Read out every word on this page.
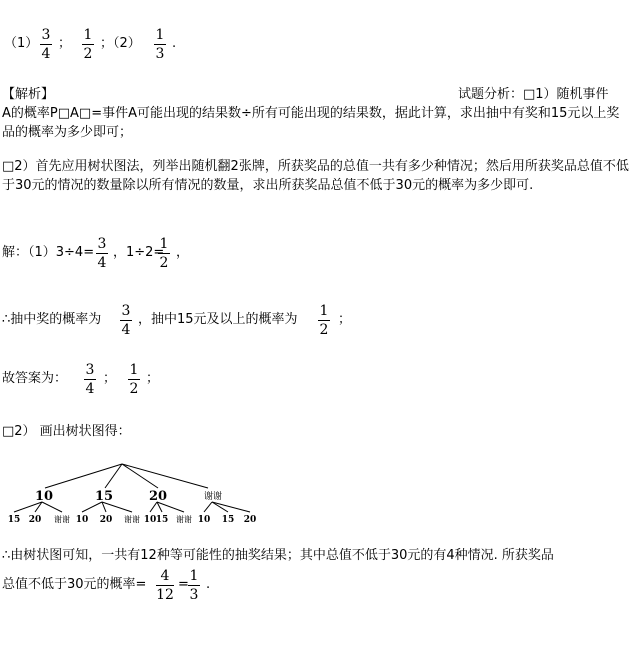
（1）
3
4
；
1
2
；（2）
1
3
.
【解析】	试题分析：□1）随机事件
A的概率P□A□=事件A可能出现的结果数÷所有可能出现的结果数，据此计算，求出抽中有奖和15元以上奖品的概率为多少即可；
□2）首先应用树状图法，列举出随机翻2张牌，所获奖品的总值一共有多少种情况；然后用所获奖品总值不低于30元的情况的数量除以所有情况的数量，求出所获奖品总值不低于30元的概率为多少即可.
解：（1）3÷4=
3
4
，1÷2=
1
2
，
∴抽中奖的概率为
3
4
，抽中15元及以上的概率为
1
2
；
故答案为：
3
4
；
1
2
；
□2） 画出树状图得：
10	15	20	谢谢
15 20 谢谢 10 20 谢谢 10 15 谢谢 10 15 20
∴由树状图可知，一共有12种等可能性的抽奖结果；其中总值不低于30元的有4种情况. 所获奖品
总值不低于30元的概率=
4
12
=
1
3
.
